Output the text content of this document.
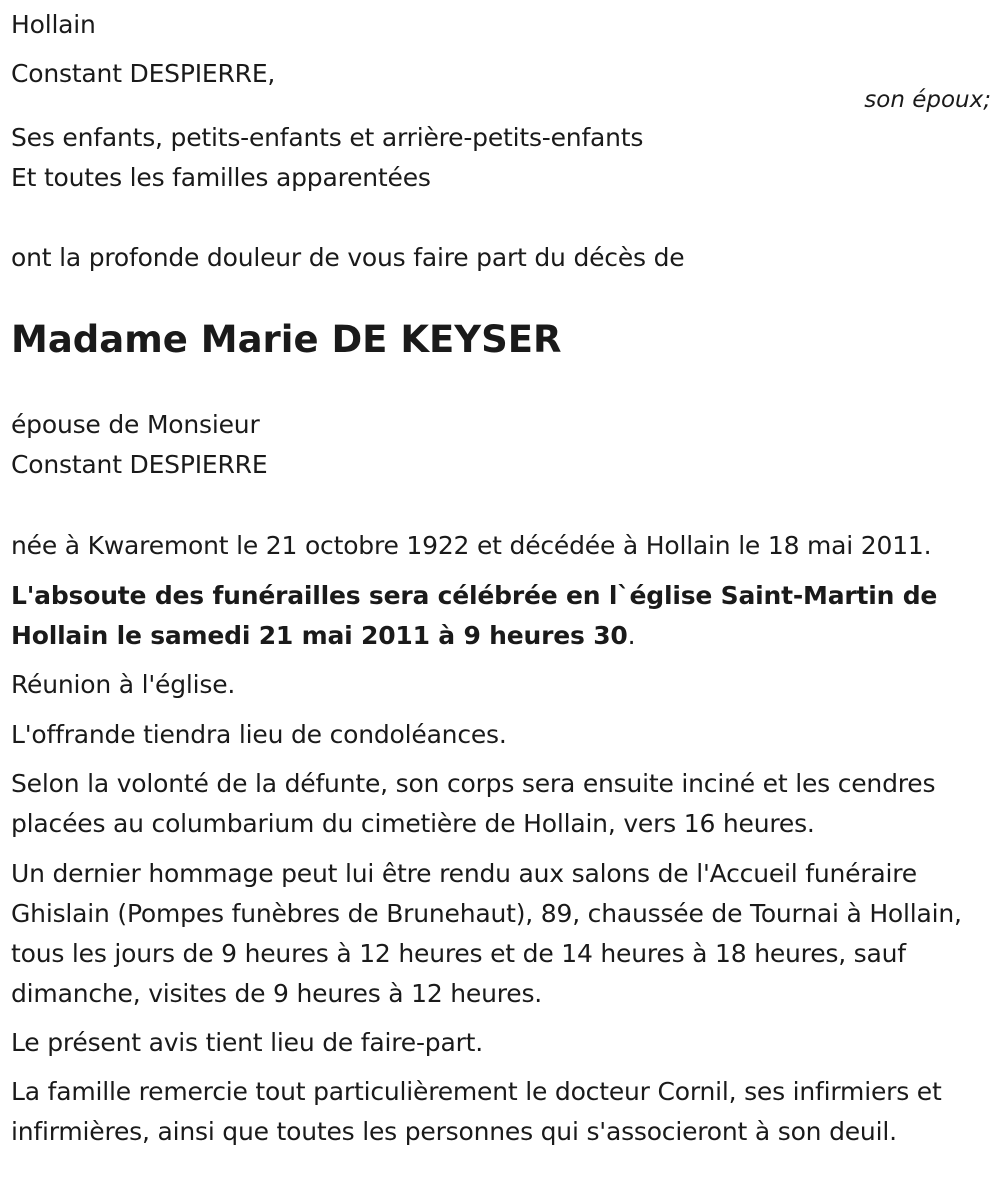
Hollain
Constant DESPIERRE,
son époux;
Ses enfants, petits-enfants et arrière-petits-enfants
Et toutes les familles apparentées
ont la profonde douleur de vous faire part du décès de
Madame Marie DE KEYSER
épouse de Monsieur
Constant DESPIERRE
née à Kwaremont le 21 octobre 1922 et décédée à Hollain le 18 mai 2011.
L'absoute des funérailles sera célébrée en l`église Saint-Martin de Hollain le samedi 21 mai 2011 à 9 heures 30.
Réunion à l'église.
L'offrande tiendra lieu de condoléances.
Selon la volonté de la défunte, son corps sera ensuite inciné et les cendres placées au columbarium du cimetière de Hollain, vers 16 heures.
Un dernier hommage peut lui être rendu aux salons de l'Accueil funéraire Ghislain (Pompes funèbres de Brunehaut), 89, chaussée de Tournai à Hollain, tous les jours de 9 heures à 12 heures et de 14 heures à 18 heures, sauf dimanche, visites de 9 heures à 12 heures.
Le présent avis tient lieu de faire-part.
La famille remercie tout particulièrement le docteur Cornil, ses infirmiers et infirmières, ainsi que toutes les personnes qui s'associeront à son deuil.
